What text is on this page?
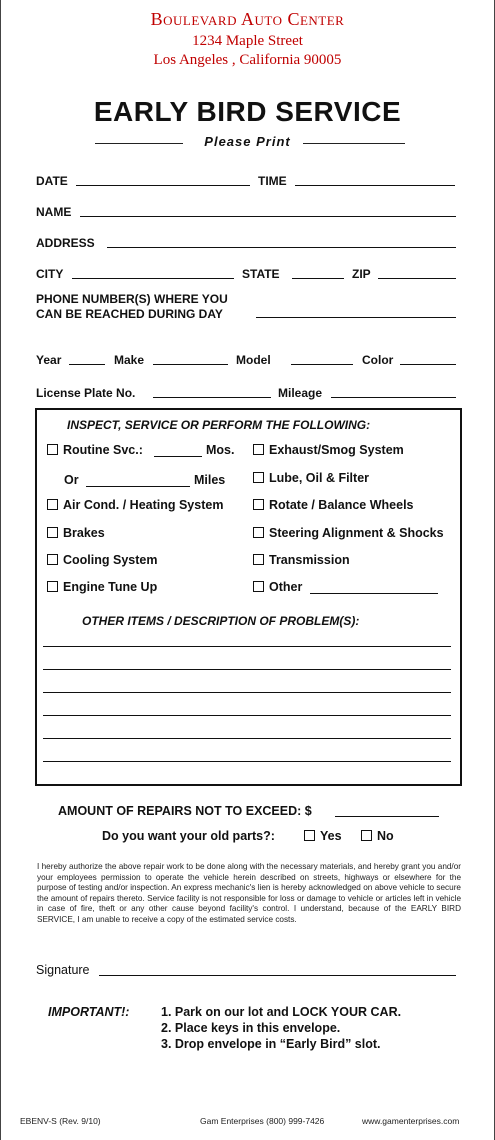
Boulevard Auto Center
1234 Maple Street
Los Angeles , California 90005
EARLY BIRD SERVICE
Please Print
DATE	TIME
NAME
ADDRESS
CITY	STATE	ZIP
PHONE NUMBER(S) WHERE YOU
CAN BE REACHED DURING DAY
Year	Make	Model	Color
License Plate No.	Mileage
INSPECT, SERVICE OR PERFORM THE FOLLOWING:
Routine Svc.:	Mos.
Or	Miles
Air Cond. / Heating System
Brakes
Cooling System
Engine Tune Up
Exhaust/Smog System
Lube, Oil & Filter
Rotate / Balance Wheels
Steering Alignment & Shocks
Transmission
Other
OTHER ITEMS / DESCRIPTION OF PROBLEM(S):
AMOUNT OF REPAIRS NOT TO EXCEED: $
Do you want your old parts?:	Yes	No
I hereby authorize the above repair work to be done along with the necessary materials, and hereby grant you and/or your employees permission to operate the vehicle herein described on streets, highways or elsewhere for the purpose of testing and/or inspection. An express mechanic's lien is hereby acknowledged on above vehicle to secure the amount of repairs thereto. Service facility is not responsible for loss or damage to vehicle or articles left in vehicle in case of fire, theft or any other cause beyond facility's control. I understand, because of the EARLY BIRD SERVICE, I am unable to receive a copy of the estimated service costs.
Signature
IMPORTANT!:	1. Park on our lot and LOCK YOUR CAR.
2. Place keys in this envelope.
3. Drop envelope in “Early Bird” slot.
EBENV-S (Rev. 9/10)	Gam Enterprises (800) 999-7426	www.gamenterprises.com
